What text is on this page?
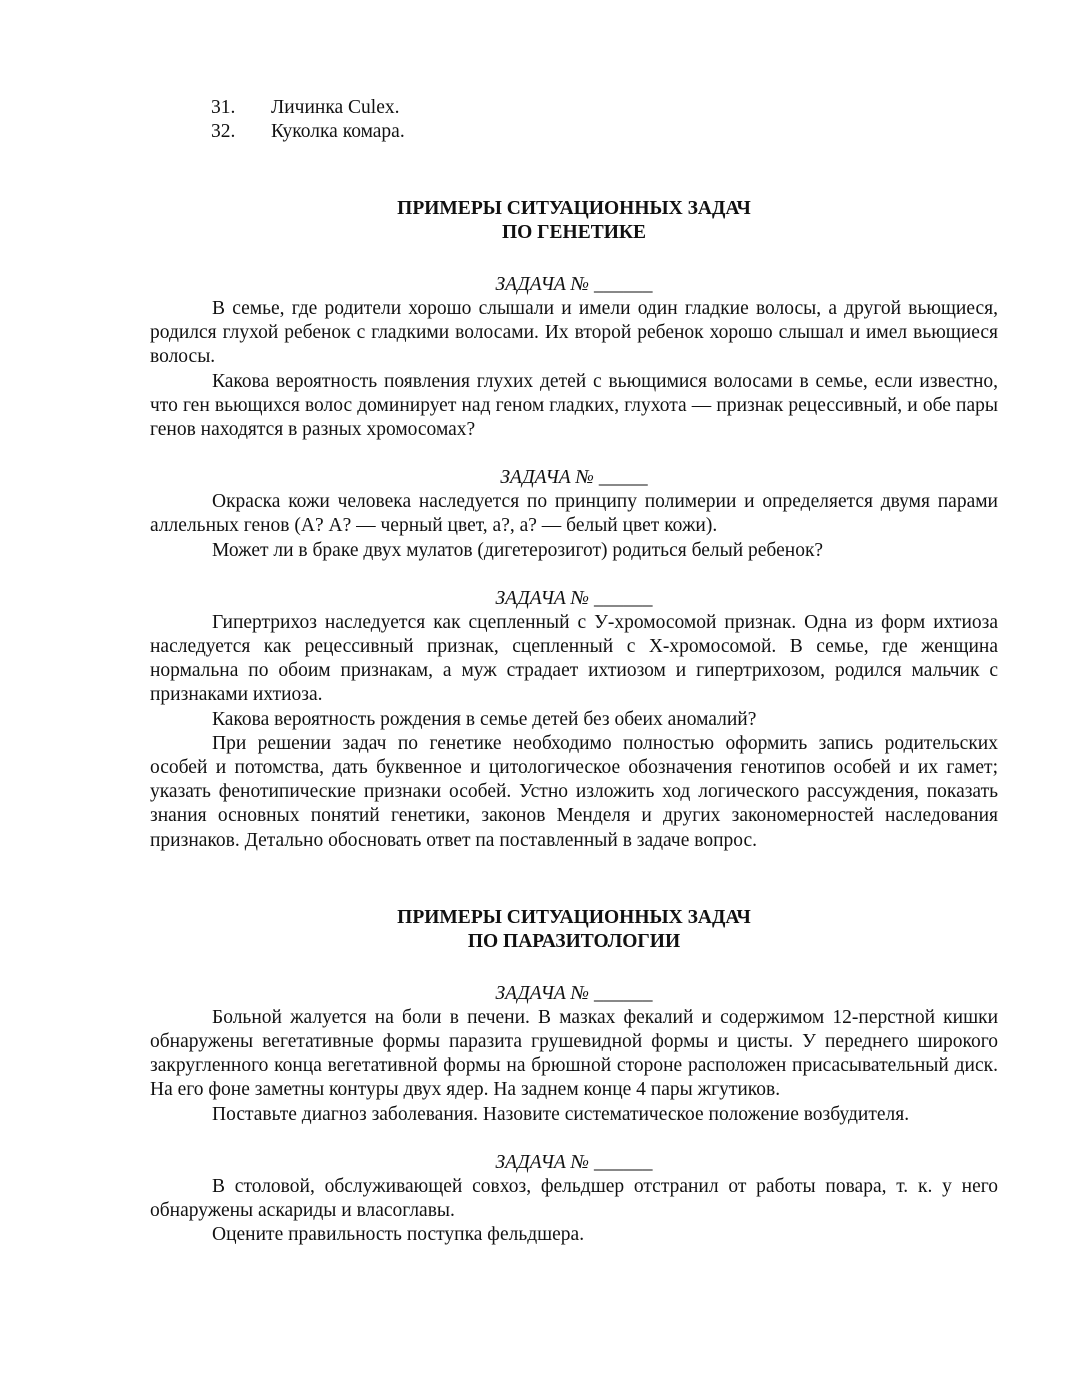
31.	Личинка Culex.
32.	Куколка комара.
ПРИМЕРЫ СИТУАЦИОННЫХ ЗАДАЧ
ПО ГЕНЕТИКЕ
ЗАДАЧА № ______

В семье, где родители хорошо слышали и имели один гладкие волосы, а другой вьющиеся, родился глухой ребенок с гладкими волосами. Их второй ребенок хорошо слышал и имел вьющиеся волосы.

Какова вероятность появления глухих детей с вьющимися волосами в семье, если известно, что ген вьющихся волос доминирует над геном гладких, глухота — признак рецессивный, и обе пары генов находятся в разных хромосомах?

ЗАДАЧА № _____

Окраска кожи человека наследуется по принципу полимерии и определяется двумя парами аллельных генов (А? А? — черный цвет, а?, а? — белый цвет кожи).

Может ли в браке двух мулатов (дигетерозигот) родиться белый ребенок?

ЗАДАЧА № ______

Гипертрихоз наследуется как сцепленный с У-хромосомой признак. Одна из форм ихтиоза наследуется как рецессивный признак, сцепленный с Х-хромосомой. В семье, где женщина нормальна по обоим признакам, а муж страдает ихтиозом и гипертрихозом, родился мальчик с признаками ихтиоза.

Какова вероятность рождения в семье детей без обеих аномалий?

При решении задач по генетике необходимо полностью оформить запись родительских особей и потомства, дать буквенное и цитологическое обозначения генотипов особей и их гамет; указать фенотипические признаки особей. Устно изложить ход логического рассуждения, показать знания основных понятий генетики, законов Менделя и других закономерностей наследования признаков. Детально обосновать ответ па поставленный в задаче вопрос.

ПРИМЕРЫ СИТУАЦИОННЫХ ЗАДАЧ
ПО ПАРАЗИТОЛОГИИ
ЗАДАЧА № ______

Больной жалуется на боли в печени. В мазках фекалий и содержимом 12-перстной кишки обнаружены вегетативные формы паразита грушевидной формы и цисты. У переднего широкого закругленного конца вегетативной формы на брюшной стороне расположен присасывательный диск. На его фоне заметны контуры двух ядер. На заднем конце 4 пары жгутиков.

Поставьте диагноз заболевания. Назовите систематическое положение возбудителя.

ЗАДАЧА № ______

В столовой, обслуживающей совхоз, фельдшер отстранил от работы повара, т. к. у него обнаружены аскариды и власоглавы.

Оцените правильность поступка фельдшера.
